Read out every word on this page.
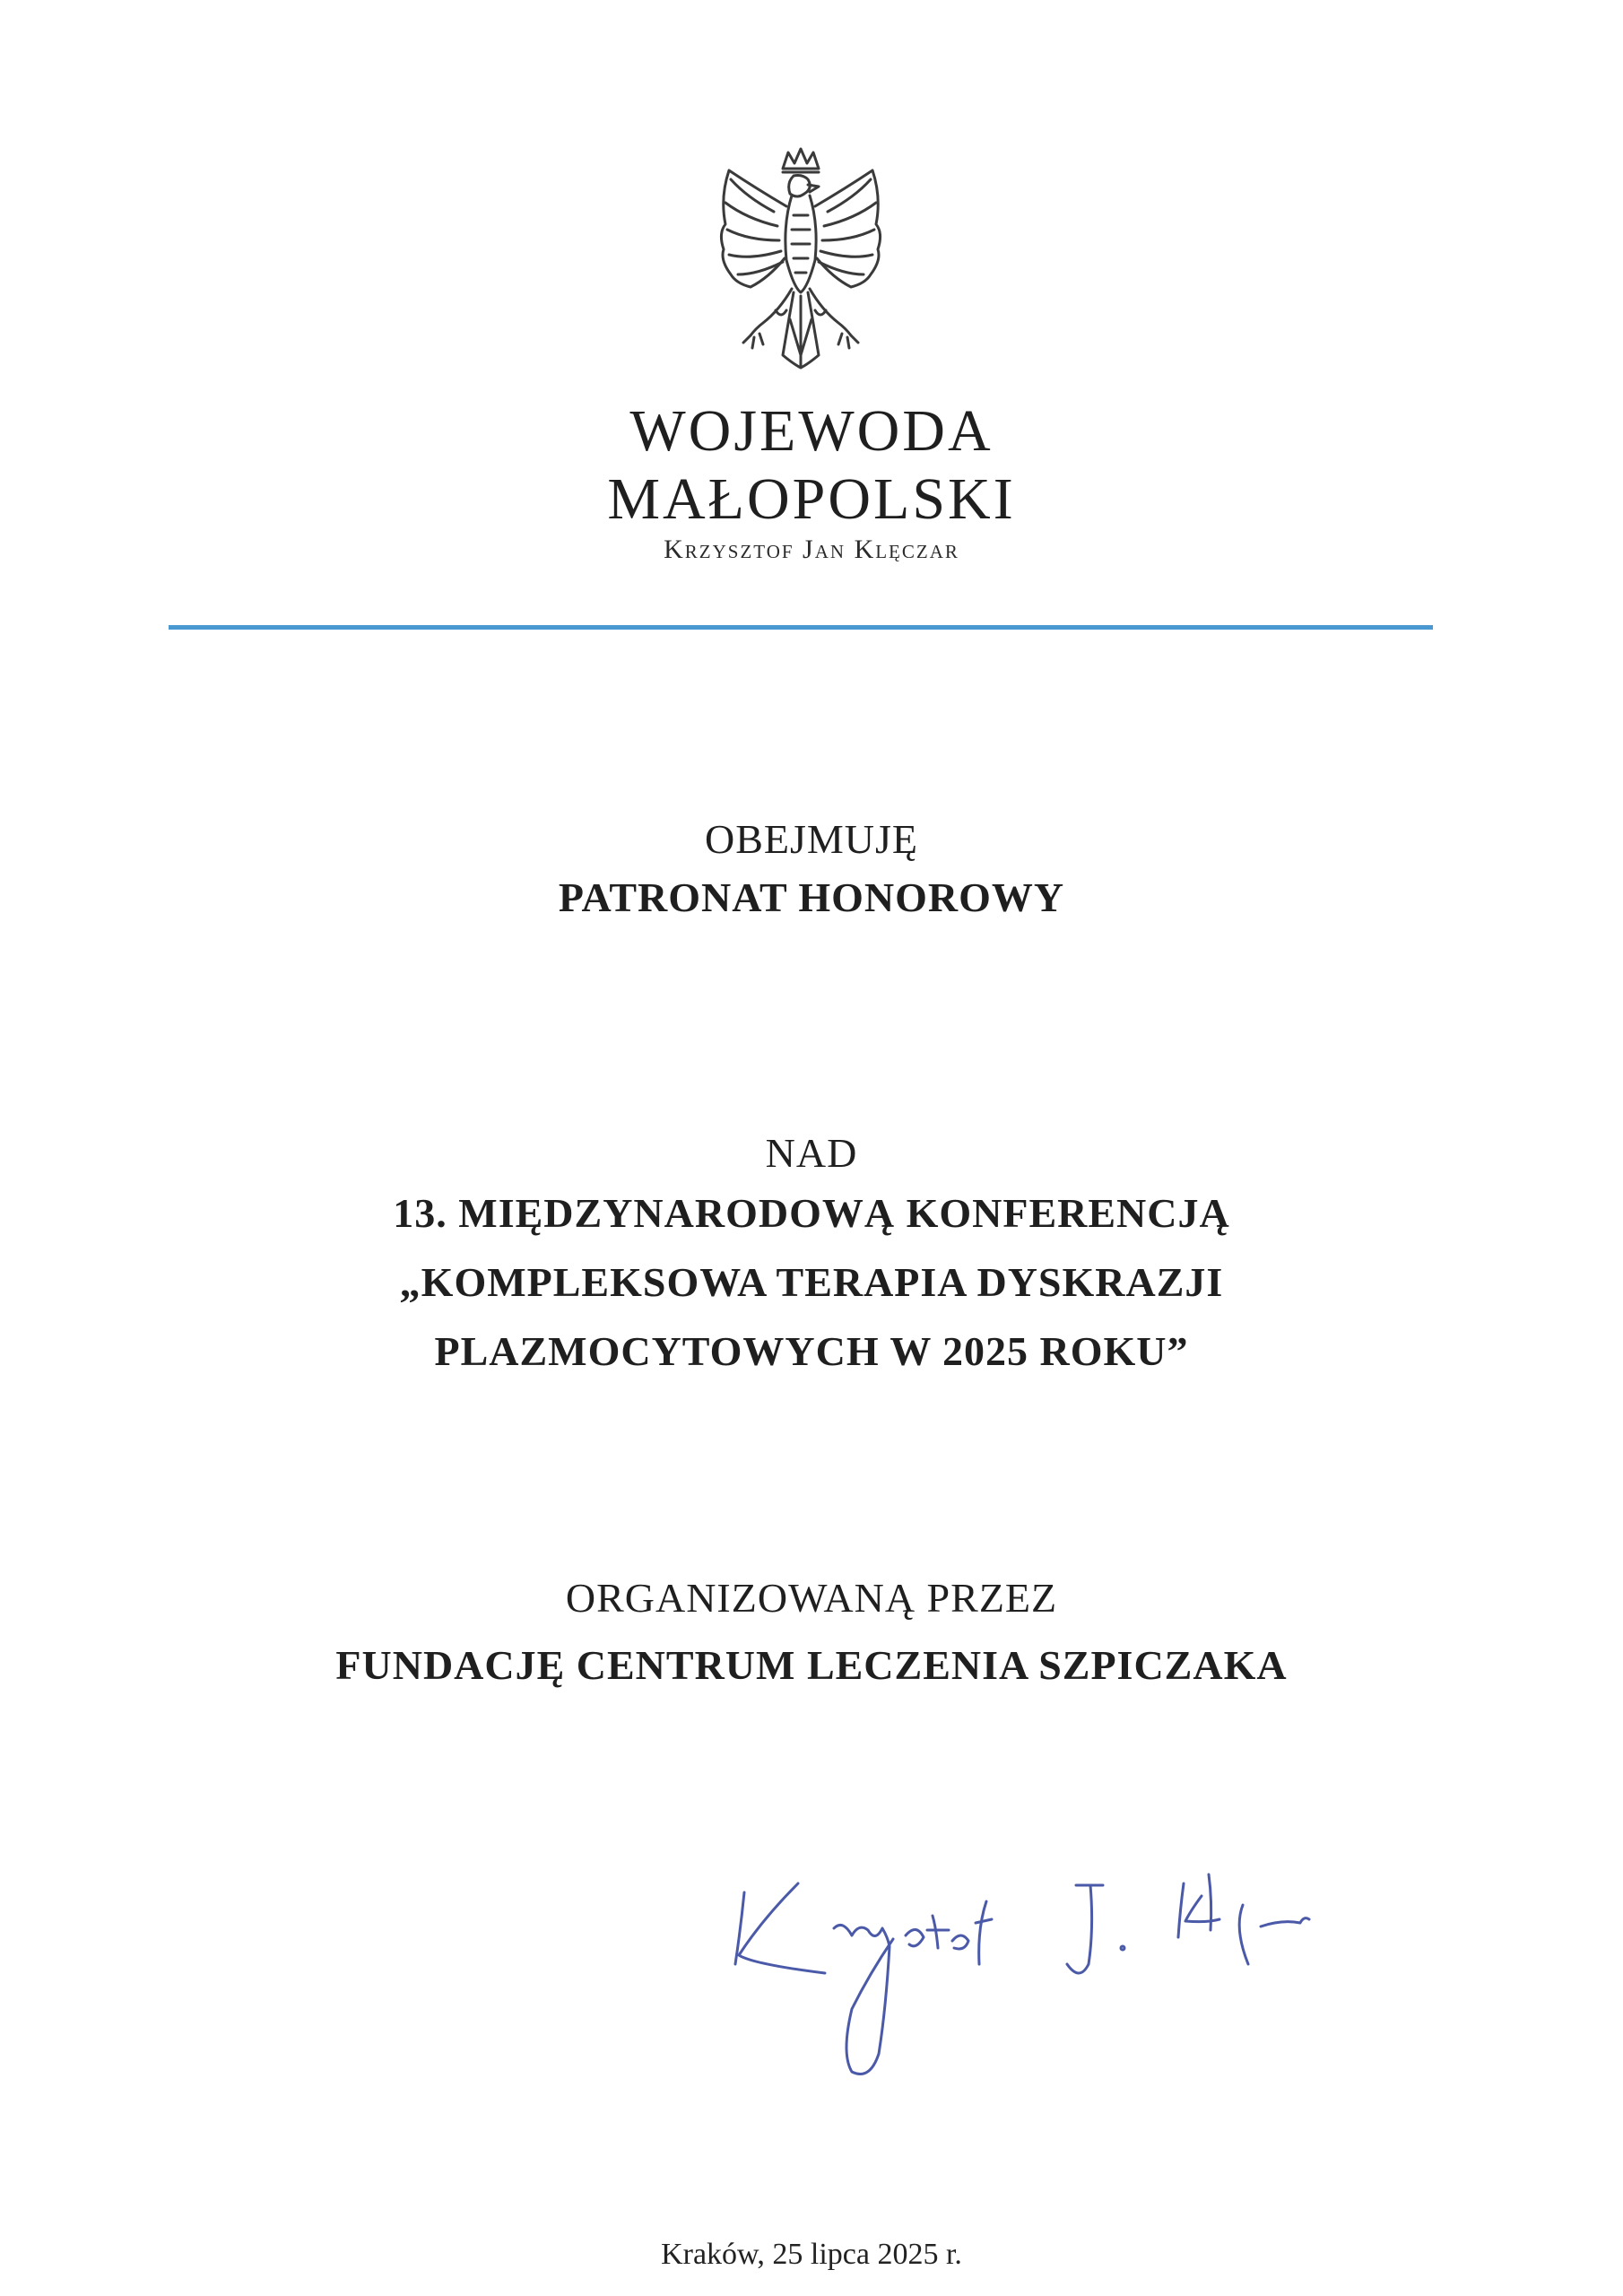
WOJEWODA
MAŁOPOLSKI
Krzysztof Jan Klęczar
OBEJMUJĘ
PATRONAT HONOROWY
NAD
13. MIĘDZYNARODOWĄ KONFERENCJĄ
„KOMPLEKSOWA TERAPIA DYSKRAZJI
PLAZMOCYTOWYCH W 2025 ROKU”
ORGANIZOWANĄ PRZEZ
FUNDACJĘ CENTRUM LECZENIA SZPICZAKA
Kraków, 25 lipca 2025 r.
